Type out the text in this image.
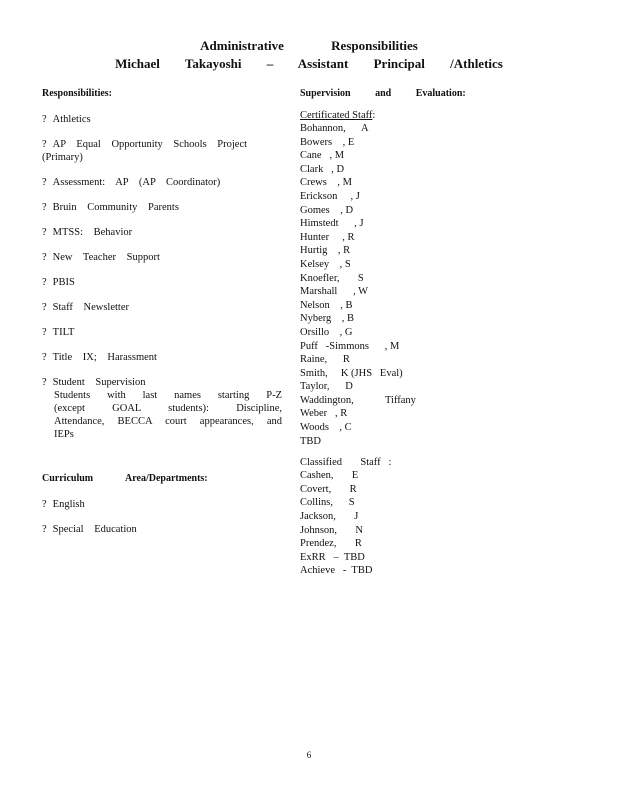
Administrative Responsibilities
Michael Takayoshi – Assistant Principal /Athletics

Responsibilities:

? Athletics
? AP Equal Opportunity Schools Project (Primary)
? Assessment: AP (AP Coordinator)
? Bruin Community Parents
? MTSS: Behavior
? New Teacher Support
? PBIS
? Staff Newsletter
? TILT
? Title IX; Harassment
? Student Supervision
Students with last names starting P-Z (except GOAL students): Discipline, Attendance, BECCA court appearances, and IEPs

Curriculum Area/Departments:

? English
? Special Education

Supervision and Evaluation:

Certificated Staff:
Bohannon,      A
Bowers    , E
Cane   , M
Clark   , D
Crews    , M
Erickson     , J
Gomes    , D
Himstedt      , J
Hunter     , R
Hurtig    , R
Kelsey    , S
Knoefler,       S
Marshall      , W
Nelson    , B
Nyberg    , B
Orsillo    , G
Puff   -Simmons      , M
Raine,      R
Smith,     K (JHS   Eval)
Taylor,      D
Waddington,            Tiffany
Weber   , R
Woods    , C
TBD
Classified       Staff   :
Cashen,       E
Covert,       R
Collins,      S
Jackson,       J
Johnson,       N
Prendez,       R
ExRR   –  TBD
Achieve   -  TBD
6
